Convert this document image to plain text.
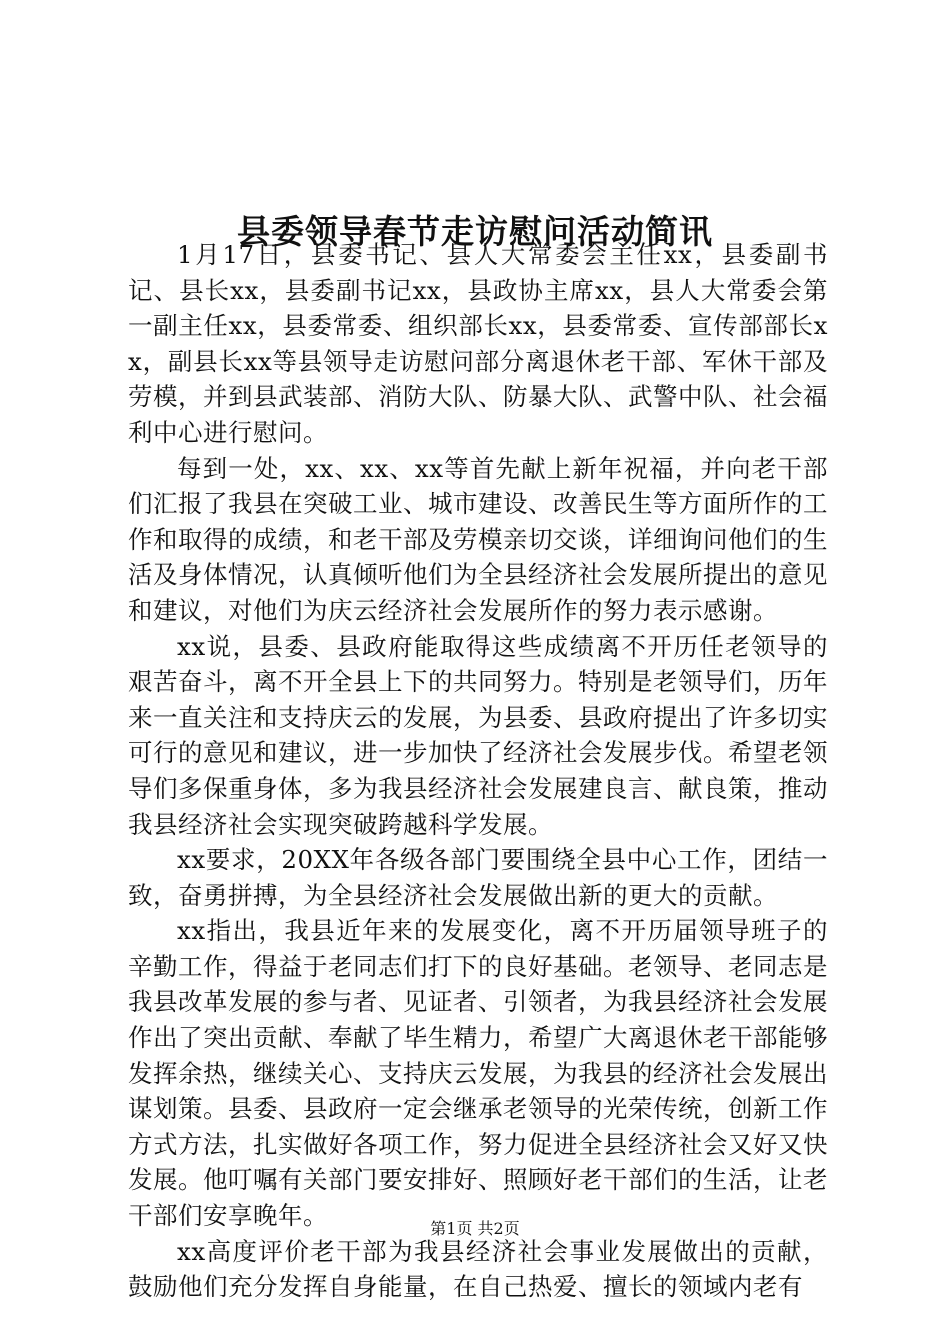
县委领导春节走访慰问活动简讯

1月17日，县委书记、县人大常委会主任xx，县委副书记、县长xx，县委副书记xx，县政协主席xx，县人大常委会第一副主任xx，县委常委、组织部长xx，县委常委、宣传部部长xx，副县长xx等县领导走访慰问部分离退休老干部、军休干部及劳模，并到县武装部、消防大队、防暴大队、武警中队、社会福利中心进行慰问。

每到一处，xx、xx、xx等首先献上新年祝福，并向老干部们汇报了我县在突破工业、城市建设、改善民生等方面所作的工作和取得的成绩，和老干部及劳模亲切交谈，详细询问他们的生活及身体情况，认真倾听他们为全县经济社会发展所提出的意见和建议，对他们为庆云经济社会发展所作的努力表示感谢。

xx说，县委、县政府能取得这些成绩离不开历任老领导的艰苦奋斗，离不开全县上下的共同努力。特别是老领导们，历年来一直关注和支持庆云的发展，为县委、县政府提出了许多切实可行的意见和建议，进一步加快了经济社会发展步伐。希望老领导们多保重身体，多为我县经济社会发展建良言、献良策，推动我县经济社会实现突破跨越科学发展。

xx要求，20XX年各级各部门要围绕全县中心工作，团结一致，奋勇拼搏，为全县经济社会发展做出新的更大的贡献。

xx指出，我县近年来的发展变化，离不开历届领导班子的辛勤工作，得益于老同志们打下的良好基础。老领导、老同志是我县改革发展的参与者、见证者、引领者，为我县经济社会发展作出了突出贡献、奉献了毕生精力，希望广大离退休老干部能够发挥余热，继续关心、支持庆云发展，为我县的经济社会发展出谋划策。县委、县政府一定会继承老领导的光荣传统，创新工作方式方法，扎实做好各项工作，努力促进全县经济社会又好又快发展。他叮嘱有关部门要安排好、照顾好老干部们的生活，让老干部们安享晚年。

xx高度评价老干部为我县经济社会事业发展做出的贡献，鼓励他们充分发挥自身能量，在自己热爱、擅长的领域内老有

第1页 共2页
